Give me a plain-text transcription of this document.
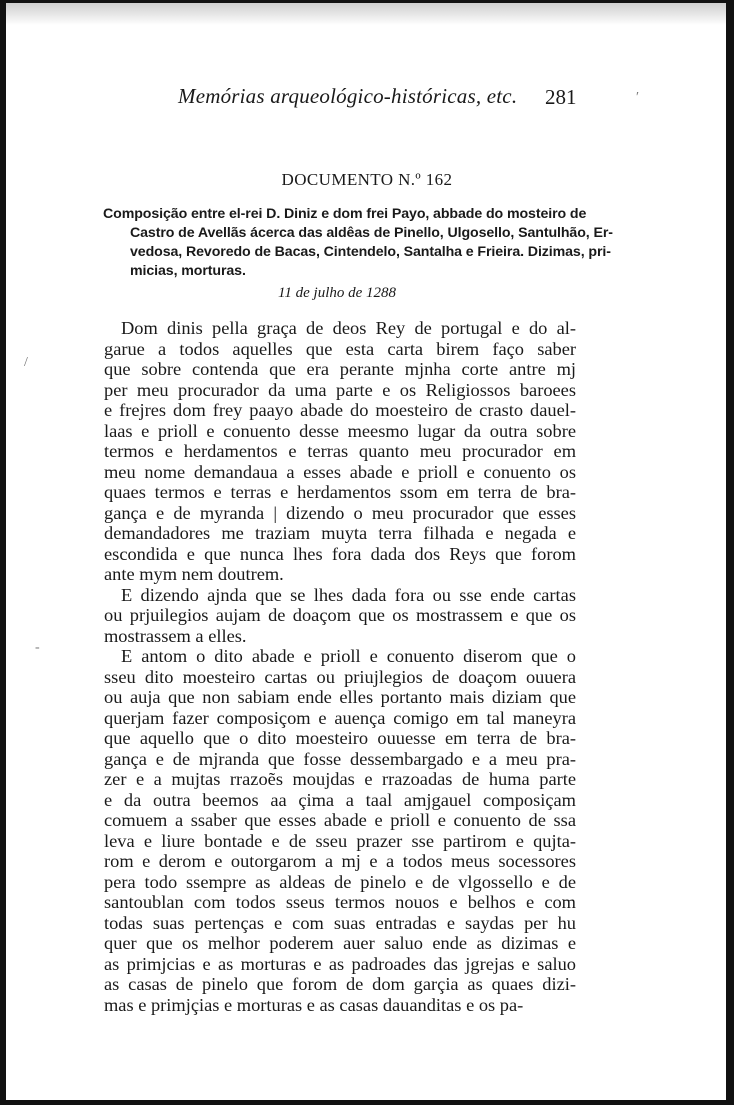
Memórias arqueológico-históricas, etc.	281
DOCUMENTO N.º 162
Composição entre el-rei D. Diniz e dom frei Payo, abbade do mosteiro de
Castro de Avellãs ácerca das aldêas de Pinello, Ulgosello, Santulhão, Er-
vedosa, Revoredo de Bacas, Cintendelo, Santalha e Frieira. Dizimas, pri-
micias, morturas.
11 de julho de 1288
Dom dinis pella graça de deos Rey de portugal e do al-
garue a todos aquelles que esta carta birem faço saber
que sobre contenda que era perante mjnha corte antre mj
per meu procurador da uma parte e os Religiossos baroees
e frejres dom frey paayo abade do moesteiro de crasto dauel-
laas e prioll e conuento desse meesmo lugar da outra sobre
termos e herdamentos e terras quanto meu procurador em
meu nome demandaua a esses abade e prioll e conuento os
quaes termos e terras e herdamentos ssom em terra de bra-
gança e de myranda | dizendo o meu procurador que esses
demandadores me traziam muyta terra filhada e negada e
escondida e que nunca lhes fora dada dos Reys que forom
ante mym nem doutrem.
E dizendo ajnda que se lhes dada fora ou sse ende cartas
ou prjuilegios aujam de doaçom que os mostrassem e que os
mostrassem a elles.
E antom o dito abade e prioll e conuento diserom que o
sseu dito moesteiro cartas ou priujlegios de doaçom ouuera
ou auja que non sabiam ende elles portanto mais diziam que
querjam fazer composiçom e auença comigo em tal maneyra
que aquello que o dito moesteiro ouuesse em terra de bra-
gança e de mjranda que fosse dessembargado e a meu pra-
zer e a mujtas rrazoẽs moujdas e rrazoadas de huma parte
e da outra beemos aa çima a taal amjgauel composiçam
comuem a ssaber que esses abade e prioll e conuento de ssa
leva e liure bontade e de sseu prazer sse partirom e qujta-
rom e derom e outorgarom a mj e a todos meus socessores
pera todo ssempre as aldeas de pinelo e de vlgossello e de
santoublan com todos sseus termos nouos e belhos e com
todas suas pertenças e com suas entradas e saydas per hu
quer que os melhor poderem auer saluo ende as dizimas e
as primjcias e as morturas e as padroades das jgrejas e saluo
as casas de pinelo que forom de dom garçia as quaes dizi-
mas e primjçias e morturas e as casas dauanditas e os pa-
′
/
-
